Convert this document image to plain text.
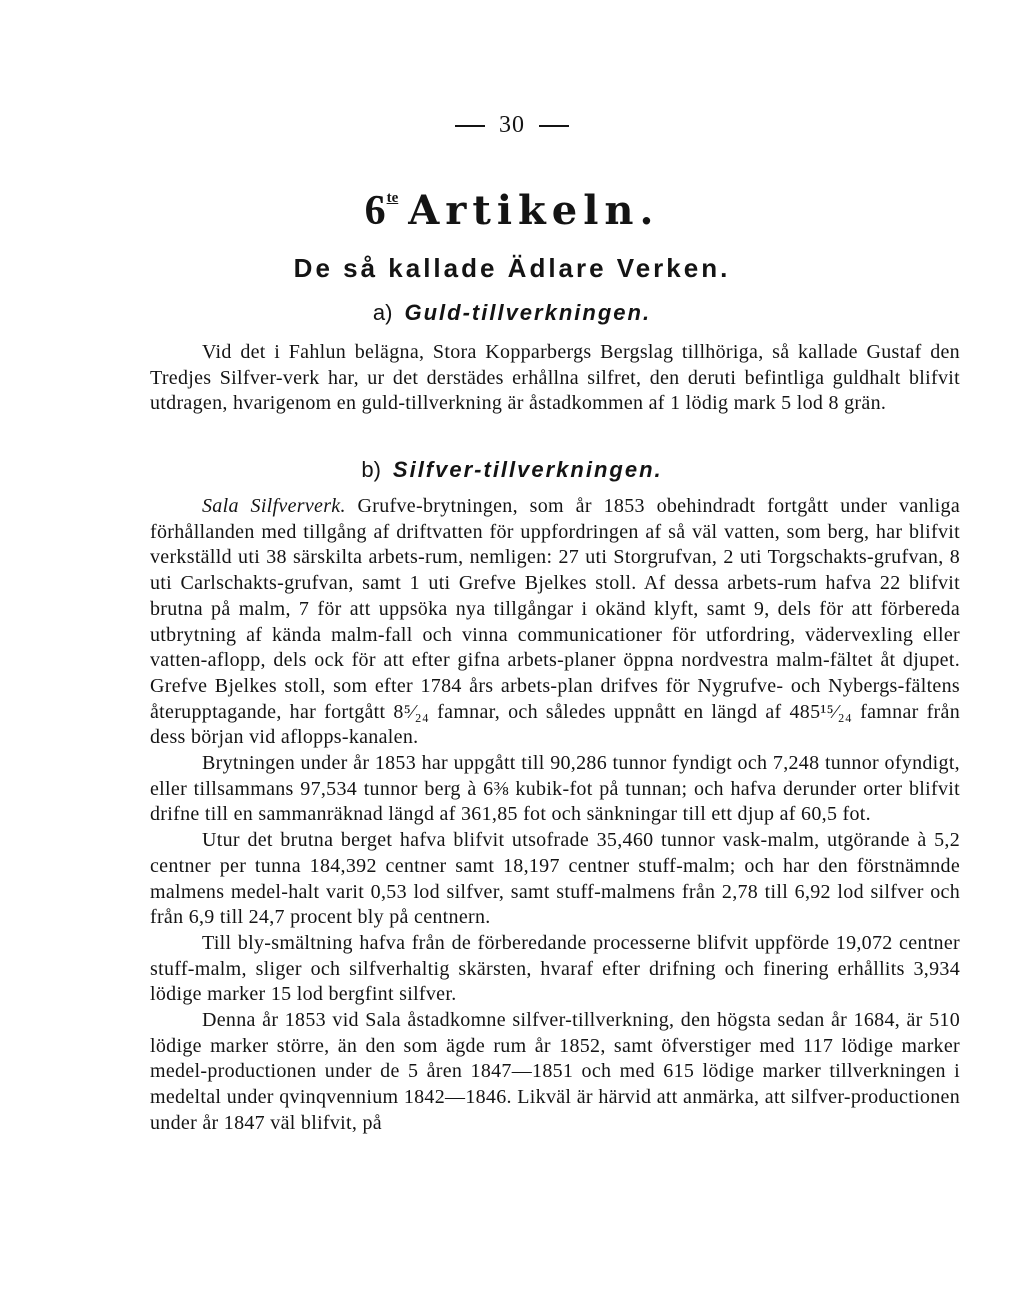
30
$6^{te}$ Artikeln.
De så kallade Ädlare Verken.
a) Guld-tillverkningen.

Vid det i Fahlun belägna, Stora Kopparbergs Bergslag tillhöriga, så kallade Gustaf den Tredjes Silfver-verk har, ur det derstädes erhållna silfret, den deruti befintliga guldhalt blifvit utdragen, hvarigenom en guld-tillverkning är åstadkommen af 1 lödig mark 5 lod 8 grän.

b) Silfver-tillverkningen.

Sala Silfververk. Grufve-brytningen, som år 1853 obehindradt fortgått under vanliga förhållanden med tillgång af driftvatten för uppfordringen af så väl vatten, som berg, har blifvit verkställd uti 38 särskilta arbets-rum, nemligen: 27 uti Storgrufvan, 2 uti Torgschakts-grufvan, 8 uti Carlschakts-grufvan, samt 1 uti Grefve Bjelkes stoll. Af dessa arbets-rum hafva 22 blifvit brutna på malm, 7 för att uppsöka nya tillgångar i okänd klyft, samt 9, dels för att förbereda utbrytning af kända malm-fall och vinna communicationer för utfordring, vädervexling eller vatten-aflopp, dels ock för att efter gifna arbets-planer öppna nordvestra malm-fältet åt djupet. Grefve Bjelkes stoll, som efter 1784 års arbets-plan drifves för Nygrufve- och Nybergs-fältens återupptagande, har fortgått 8⁵⁄₂₄ famnar, och således uppnått en längd af 485¹⁵⁄₂₄ famnar från dess början vid aflopps-kanalen.

Brytningen under år 1853 har uppgått till 90,286 tunnor fyndigt och 7,248 tunnor ofyndigt, eller tillsammans 97,534 tunnor berg à 6⅜ kubik-fot på tunnan; och hafva derunder orter blifvit drifne till en sammanräknad längd af 361,85 fot och sänkningar till ett djup af 60,5 fot.

Utur det brutna berget hafva blifvit utsofrade 35,460 tunnor vask-malm, utgörande à 5,2 centner per tunna 184,392 centner samt 18,197 centner stuff-malm; och har den förstnämnde malmens medel-halt varit 0,53 lod silfver, samt stuff-malmens från 2,78 till 6,92 lod silfver och från 6,9 till 24,7 procent bly på centnern.

Till bly-smältning hafva från de förberedande processerne blifvit uppförde 19,072 centner stuff-malm, sliger och silfverhaltig skärsten, hvaraf efter drifning och finering erhållits 3,934 lödige marker 15 lod bergfint silfver.

Denna år 1853 vid Sala åstadkomne silfver-tillverkning, den högsta sedan år 1684, är 510 lödige marker större, än den som ägde rum år 1852, samt öfverstiger med 117 lödige marker medel-productionen under de 5 åren 1847—1851 och med 615 lödige marker tillverkningen i medeltal under qvinqvennium 1842—1846. Likväl är härvid att anmärka, att silfver-productionen under år 1847 väl blifvit, på
